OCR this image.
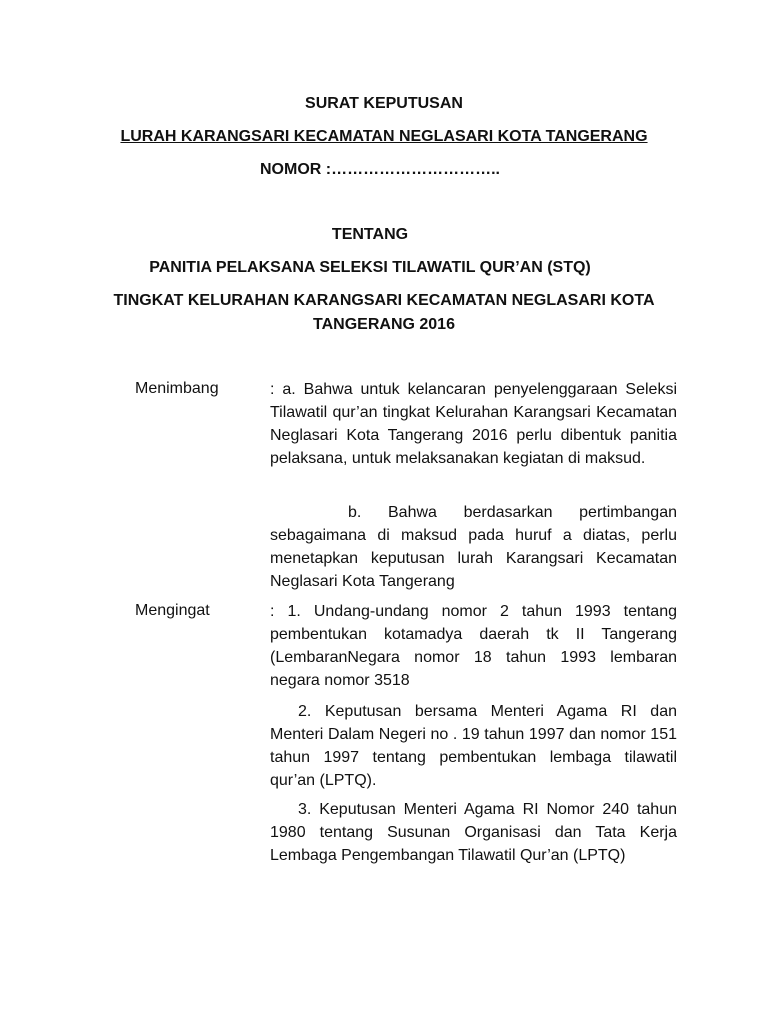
SURAT KEPUTUSAN
LURAH KARANGSARI KECAMATAN NEGLASARI KOTA TANGERANG
NOMOR :…………………………..
TENTANG
PANITIA PELAKSANA SELEKSI TILAWATIL QUR’AN (STQ)
TINGKAT KELURAHAN KARANGSARI KECAMATAN NEGLASARI KOTA TANGERANG 2016
Menimbang	: a. Bahwa untuk kelancaran penyelenggaraan Seleksi Tilawatil qur’an tingkat Kelurahan Karangsari Kecamatan Neglasari Kota Tangerang 2016 perlu dibentuk panitia pelaksana, untuk melaksanakan kegiatan di maksud.
b. Bahwa berdasarkan pertimbangan sebagaimana di maksud pada huruf a diatas, perlu menetapkan keputusan lurah Karangsari Kecamatan Neglasari Kota Tangerang
Mengingat	: 1. Undang-undang nomor 2 tahun 1993 tentang pembentukan kotamadya daerah tk II Tangerang (LembaranNegara nomor 18 tahun 1993 lembaran negara nomor 3518
2. Keputusan bersama Menteri Agama RI dan Menteri Dalam Negeri no . 19 tahun 1997 dan nomor 151 tahun 1997 tentang pembentukan lembaga tilawatil qur’an (LPTQ).
3. Keputusan Menteri Agama RI Nomor 240 tahun 1980 tentang Susunan Organisasi dan Tata Kerja Lembaga Pengembangan Tilawatil Qur’an (LPTQ)
